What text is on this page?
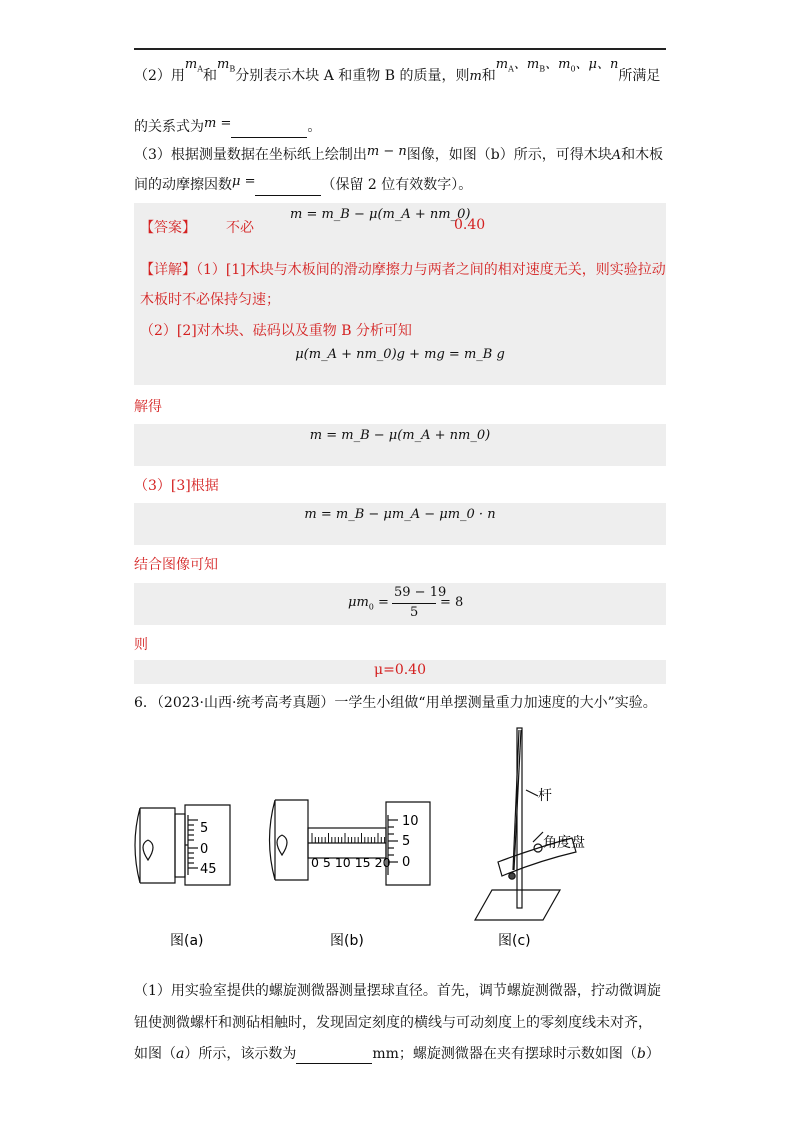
（2）用$m_A$和$m_B$分别表示木块 A 和重物 B 的质量，则m和$m_A$、$m_B$、$m_0$、μ、n所满足
的关系式为m =	。
（3）根据测量数据在坐标纸上绘制出m − n图像，如图（b）所示，可得木块A和木板
间的动摩擦因数μ =	（保留 2 位有效数字）。
【答案】 不必
m = m_B − μ(m_A + nm_0)
0.40
【详解】（1）[1]木块与木板间的滑动摩擦力与两者之间的相对速度无关，则实验拉动
木板时不必保持匀速；
（2）[2]对木块、砝码以及重物 B 分析可知
μ(m_A + nm_0)g + mg = m_B g
解得
m = m_B − μ(m_A + nm_0)
（3）[3]根据
m = m_B − μm_A − μm_0 · n
结合图像可知
$\mu m_0$ =
59 − 19
5
= 8
则
μ=0.40
6．（2023·山西·统考高考真题）一学生小组做“用单摆测量重力加速度的大小”实验。
5
0
45
图(a)
10
5
0
0 5 10 15 20
图(b)
杆
角度盘
图(c)
（1）用实验室提供的螺旋测微器测量摆球直径。首先，调节螺旋测微器，拧动微调旋
钮使测微螺杆和测砧相触时，发现固定刻度的横线与可动刻度上的零刻度线未对齐，
如图（a）所示，该示数为	mm；螺旋测微器在夹有摆球时示数如图（b）
